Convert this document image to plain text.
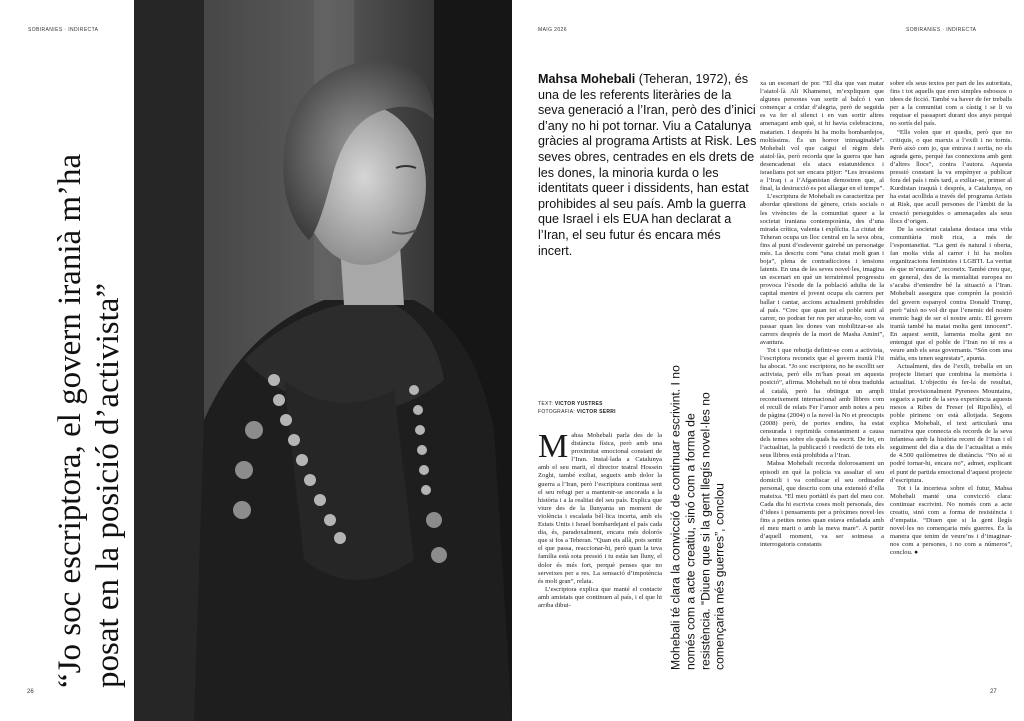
SOBIRANIES · INDIRECTA
“Jo soc escriptora, el govern iranià m’ha posat en la posició d’activista”
26
MAIG 2026	SOBIRANIES · INDIRECTA
Mahsa Mohebali (Teheran, 1972), és una de les referents literàries de la seva generació a l’Iran, però des d’inici d’any no hi pot tornar. Viu a Catalunya gràcies al programa Artists at Risk. Les seves obres, centrades en els drets de les dones, la minoria kurda o les identitats queer i dissidents, han estat prohibides al seu país. Amb la guerra que Israel i els EUA han declarat a l’Iran, el seu futur és encara més incert.
TEXT: VICTOR YUSTRES
FOTOGRAFIA: VICTOR SERRI
M ahsa Mohebali parla des de la distància física, però amb una proximitat emocional constant de l’Iran. Instal·lada a Catalunya amb el seu marit, el director teatral Hossein Zoghi, també exiliat, segueix amb dolor la guerra a l’Iran, però l’escriptura continua sent el seu refugi per a mantenir-se ancorada a la història i a la realitat del seu país. Explica que viure des de la llunyania un moment de violència i escalada bèl·lica incerta, amb els Estats Units i Israel bombardejant el país cada dia, és, paradoxalment, encara més dolorós que si fos a Teheran. “Quan ets allà, pots sentir el que passa, reaccionar-hi, però quan la teva família està sota pressió i tu estàs tan lluny, el dolor és més fort, perquè penses que no serveixes per a res. La sensació d’impotència és molt gran”, relata.

L’escriptora explica que manté el contacte amb amistats que continuen al país, i el que hi arriba dibui-	Mohebali té clara la convicció de continuar escrivint. I no només com a acte creatiu, sinó com a forma de resistència. “Diuen que si la gent llegís novel·les no començaria més guerres”, conclou

xa un escenari de por. “El dia que van matar l’aiatol·là Ali Khamenei, m’expliquen que algunes persones van sortir al balcó i van començar a cridar d’alegria, però de seguida es va fer el silenci i en van sortir altres amenaçant amb què, si hi havia celebracions, matarien. I després hi ha molts bombardejos, moltíssims. És un horror inimaginable”. Mohebali vol que caigui el règim dels aiatol·làs, però recorda que la guerra que han desencadenat els atacs estatunidencs i israelians pot ser encara pitjor: “Les invasions a l’Iraq i a l’Afganistan demostren que, al final, la destrucció es pot allargar en el temps”.

L’escriptura de Mohebali es caracteritza per abordar qüestions de gènere, crisis socials o les vivències de la comunitat queer a la societat iraniana contemporània, des d’una mirada crítica, valenta i explícita. La ciutat de Teheran ocupa un lloc central en la seva obra, fins al punt d’esdevenir gairebé un personatge més. La descriu com “una ciutat molt gran i boja”, plena de contradiccions i tensions latents. En una de les seves novel·les, imagina un escenari en què un terratrèmol progressiu provoca l’èxode de la població adulta de la capital mentre el jovent ocupa els carrers per ballar i cantar, accions actualment prohibides al país. “Crec que quan tot el poble surti al carrer, no podran fer res per aturar-ho, com va passar quan les dones van mobilitzar-se als carrers després de la mort de Masha Amini”, avantura.

Tot i que rebutja definir-se com a activista, l’escriptora reconeix que el govern iranià l’hi ha abocat. “Jo soc escriptora, no he escollit ser activista, però ells m’han posat en aquesta posició”, afirma. Mohebali no té obra traduïda al català, però ha obtingut un ampli reconeixement internacional amb llibres com el recull de relats Fer l’amor amb notes a peu de pàgina (2004) o la novel·la No et preocupis (2008) però, de portes endins, ha estat censurada i reprimida constantment a causa dels temes sobre els quals ha escrit. De fet, en l’actualitat, la publicació i reedició de tots els seus llibres està prohibida a l’Iran.

Mahsa Mohebali recorda dolorosament un episodi en què la policia va assaltar el seu domicili i va confiscar el seu ordinador personal, que descriu com una extensió d’ella mateixa. “El meu portàtil és part del meu cor. Cada dia hi escrivia coses molt personals, des d’idees i pensaments per a pròximes novel·les fins a petites notes quan estava enfadada amb el meu marit o amb la meva mare”. A partir d’aquell moment, va ser sotmesa a interrogatoris constants

sobre els seus textos per part de les autoritats, fins i tot aquells que eren simples esbossos o idees de ficció. També va haver de fer treballs per a la comunitat com a càstig i se li va requisar el passaport durant dos anys perquè no sortís del país.

“Ells volen que et quedis, però que no critiquis, o que marxis a l’exili i no tornis. Però això com jo, que entrava i sortia, no els agrada gens, perquè fas connexions amb gent d’altres llocs”, contra l’autora. Aquesta pressió constant la va empènyer a publicar fora del país i més tard, a exiliar-se, primer al Kurdistan iraquià i després, a Catalunya, on ha estat acollida a través del programa Artists at Risk, que acull persones de l’àmbit de la creació perseguides o amenaçades als seus llocs d’origen.

De la societat catalana destaca una vida comunitària molt rica, a més de l’espontaneïtat. “La gent és natural i oberta, fan molta vida al carrer i hi ha moltes organitzacions feministes i LGBTI. La veritat és que m’encanta”, reconeix. També creu que, en general, des de la mentalitat europea no s’acaba d’entendre bé la situació a l’Iran. Mohebali assegura que comprèn la posició del govern espanyol contra Donald Trump, però “això no vol dir que l’enemic del nostre enemic hagi de ser el nostre amic. El govern iranià també ha matat molta gent innocent”. En aquest sentit, lamenta molta gent no entengui que el poble de l’Iran no té res a veure amb els seus governants. “Són com una màfia, ens tenen segrestats”, apunta.

Actualment, des de l’exili, treballa en un projecte literari que combina la memòria i actualitat. L’objectiu és fer-la de resultat, titulat provisionalment Pyrenees Mountains, segueix a partir de la seva experiència aquests mesos a Ribes de Freser (el Ripollès), el poble pirinenc on està allotjada. Segons explica Mohebali, el text articularà una narrativa que connecta els records de la seva infantesa amb la història recent de l’Iran i el seguiment del dia a dia de l’actualitat a més de 4.500 quilòmetres de distància. “No sé si podré tornar-hi, encara no”, admet, explicant el punt de partida emocional d’aquest projecte d’escriptura.

Tot i la incertesa sobre el futur, Mahsa Mohebali manté una convicció clara: continuar escrivint. No només com a acte creatiu, sinó com a forma de resistència i d’empatia. “Diuen que si la gent llegís novel·les no començaria més guerres. És la manera que tenim de veure’ns i d’imaginar-nos com a persones, i no com a números”, conclou. ●

27
